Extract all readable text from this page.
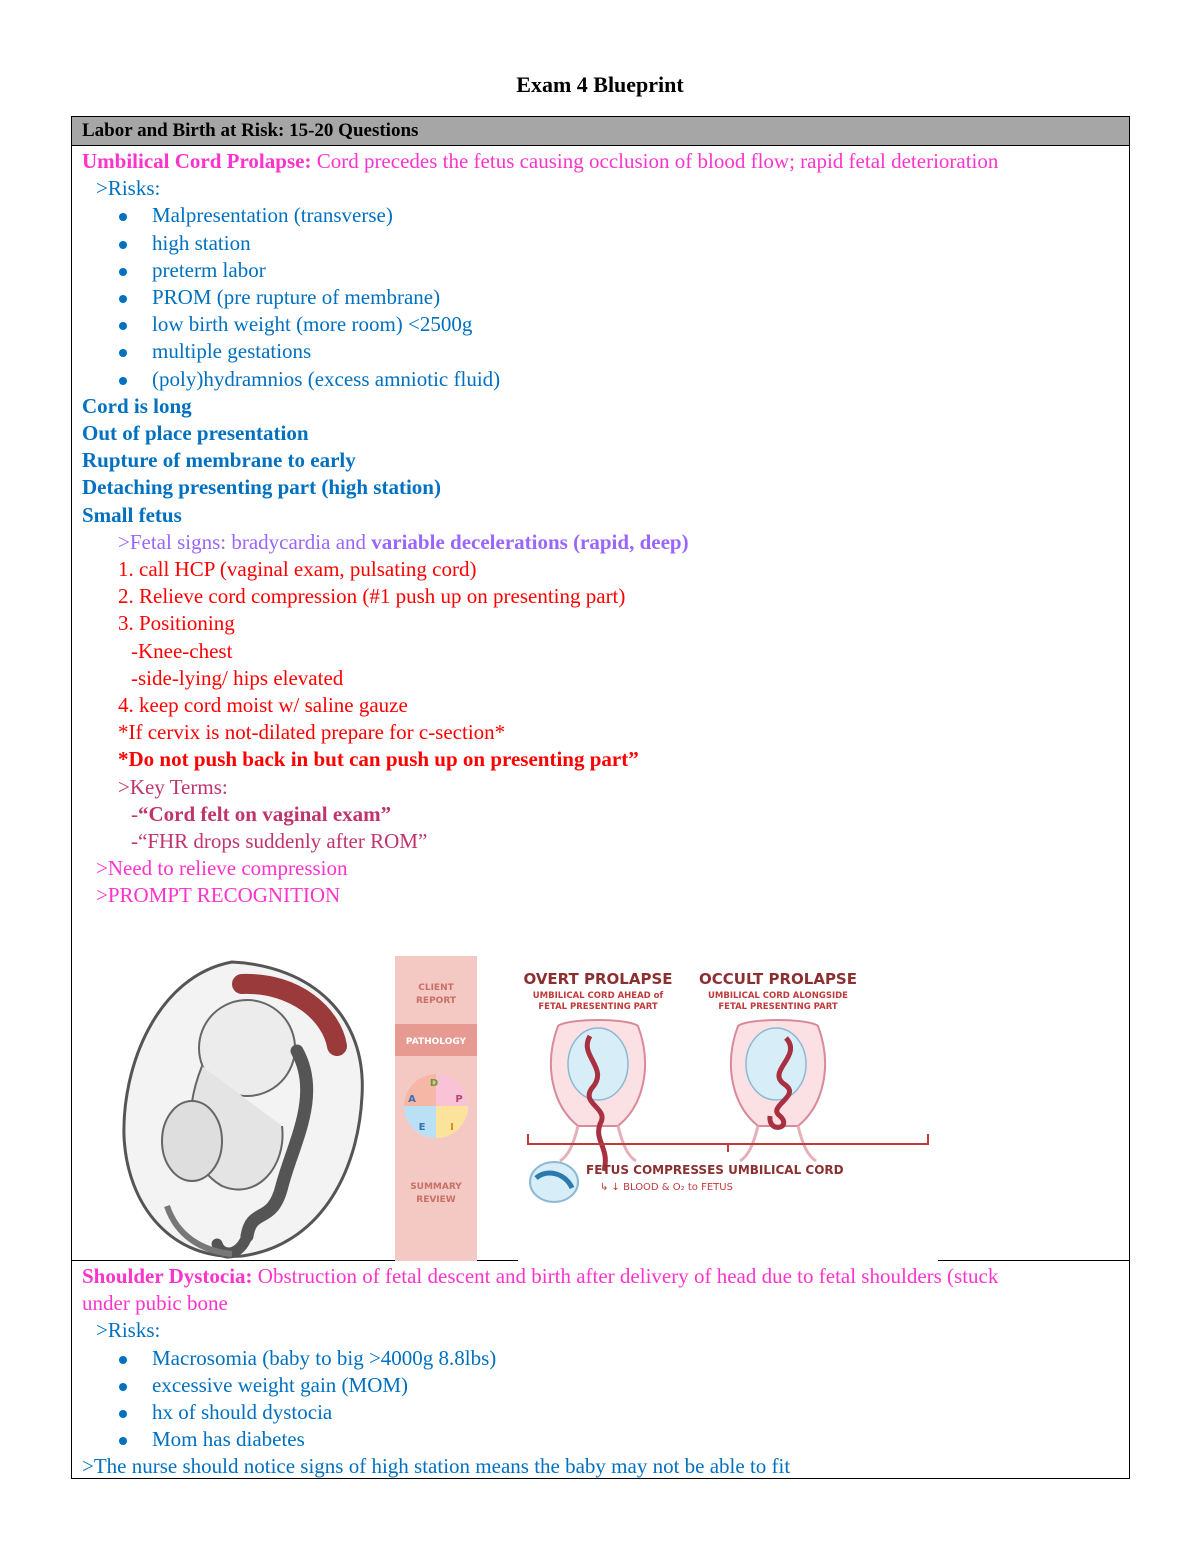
Exam 4 Blueprint
Labor and Birth at Risk: 15-20 Questions
Umbilical Cord Prolapse: Cord precedes the fetus causing occlusion of blood flow; rapid fetal deterioration
>Risks:
Malpresentation (transverse)
high station
preterm labor
PROM (pre rupture of membrane)
low birth weight (more room) <2500g
multiple gestations
(poly)hydramnios (excess amniotic fluid)
Cord is long
Out of place presentation
Rupture of membrane to early
Detaching presenting part (high station)
Small fetus
>Fetal signs: bradycardia and variable decelerations (rapid, deep)
1. call HCP (vaginal exam, pulsating cord)
2. Relieve cord compression (#1 push up on presenting part)
3. Positioning
-Knee-chest
-side-lying/ hips elevated
4. keep cord moist w/ saline gauze
*If cervix is not-dilated prepare for c-section*
*Do not push back in but can push up on presenting part”
>Key Terms:
-“Cord felt on vaginal exam”
-“FHR drops suddenly after ROM”
>Need to relieve compression
>PROMPT RECOGNITION
CLIENT
REPORT
PATHOLOGY
D
A	P
E I
SUMMARY
REVIEW
OVERT PROLAPSE
UMBILICAL CORD AHEAD of
FETAL PRESENTING PART
OCCULT PROLAPSE
UMBILICAL CORD ALONGSIDE
FETAL PRESENTING PART
FETUS COMPRESSES UMBILICAL CORD
↳ ↓ BLOOD & O₂ to FETUS
Shoulder Dystocia: Obstruction of fetal descent and birth after delivery of head due to fetal shoulders (stuck
under pubic bone
>Risks:
Macrosomia (baby to big >4000g 8.8lbs)
excessive weight gain (MOM)
hx of should dystocia
Mom has diabetes
>The nurse should notice signs of high station means the baby may not be able to fit
